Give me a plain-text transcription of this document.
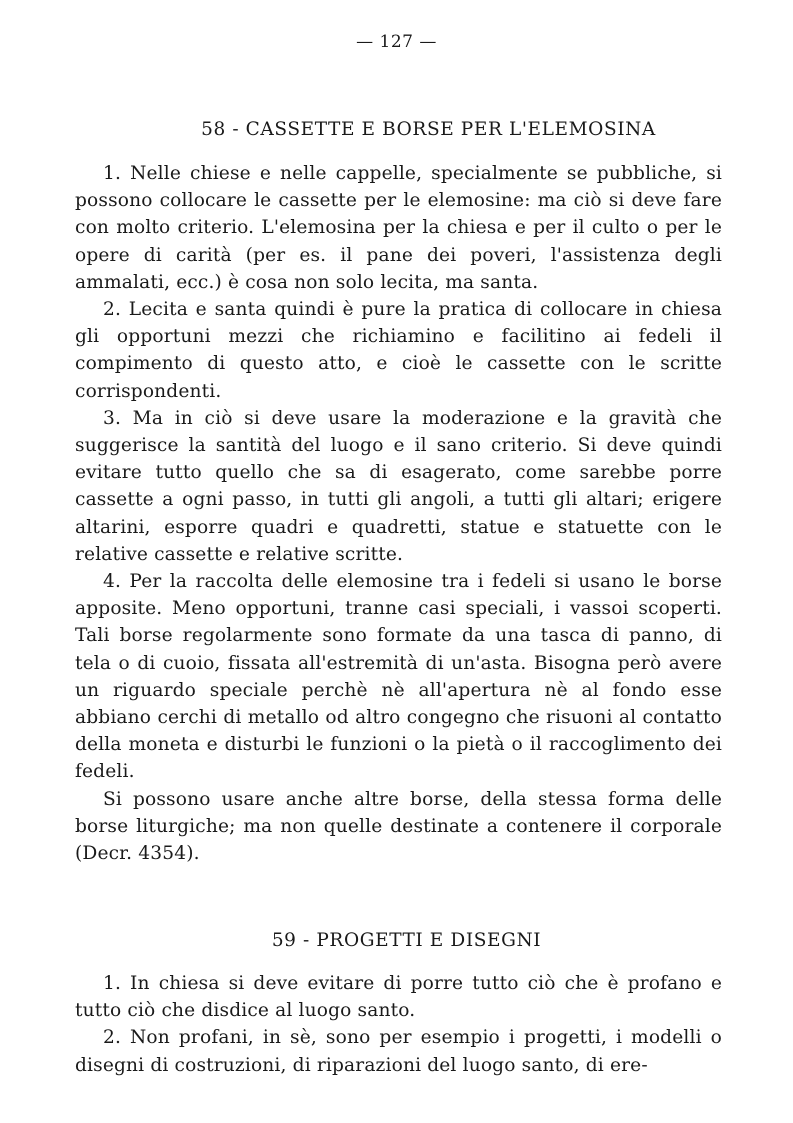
— 127 —
58 - CASSETTE E BORSE PER L'ELEMOSINA

1. Nelle chiese e nelle cappelle, specialmente se pubbliche, si possono collocare le cassette per le elemosine: ma ciò si deve fare con molto criterio. L'elemosina per la chiesa e per il culto o per le opere di carità (per es. il pane dei poveri, l'assistenza degli ammalati, ecc.) è cosa non solo lecita, ma santa.

2. Lecita e santa quindi è pure la pratica di collocare in chiesa gli opportuni mezzi che richiamino e facilitino ai fedeli il compimento di questo atto, e cioè le cassette con le scritte corrispondenti.

3. Ma in ciò si deve usare la moderazione e la gravità che suggerisce la santità del luogo e il sano criterio. Si deve quindi evitare tutto quello che sa di esagerato, come sarebbe porre cassette a ogni passo, in tutti gli angoli, a tutti gli altari; erigere altarini, esporre quadri e quadretti, statue e statuette con le relative cassette e relative scritte.

4. Per la raccolta delle elemosine tra i fedeli si usano le borse apposite. Meno opportuni, tranne casi speciali, i vassoi scoperti. Tali borse regolarmente sono formate da una tasca di panno, di tela o di cuoio, fissata all'estremità di un'asta. Bisogna però avere un riguardo speciale perchè nè all'apertura nè al fondo esse abbiano cerchi di metallo od altro congegno che risuoni al contatto della moneta e disturbi le funzioni o la pietà o il raccoglimento dei fedeli.

Si possono usare anche altre borse, della stessa forma delle borse liturgiche; ma non quelle destinate a contenere il corporale (Decr. 4354).

59 - PROGETTI E DISEGNI

1. In chiesa si deve evitare di porre tutto ciò che è profano e tutto ciò che disdice al luogo santo.

2. Non profani, in sè, sono per esempio i progetti, i modelli o disegni di costruzioni, di riparazioni del luogo santo, di ere-
